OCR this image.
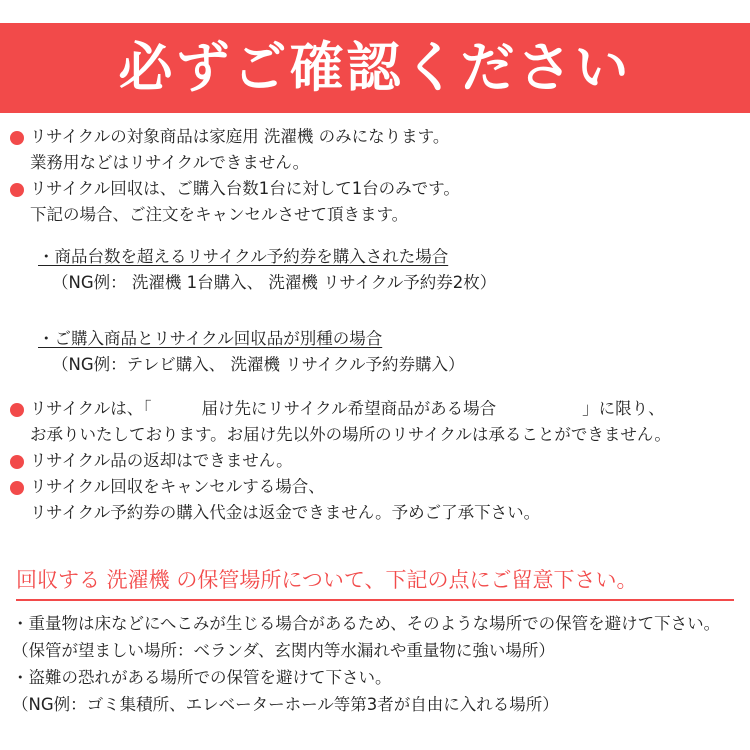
必ずご確認ください
リサイクルの対象商品は家庭用 洗濯機 のみになります。
業務用などはリサイクルできません。
リサイクル回収は、ご購入台数1台に対して1台のみです。
下記の場合、ご注文をキャンセルさせて頂きます。
・商品台数を超えるリサイクル予約券を購入された場合
（NG例： 洗濯機 1台購入、 洗濯機 リサイクル予約券2枚）
・ご購入商品とリサイクル回収品が別種の場合
（NG例：テレビ購入、 洗濯機 リサイクル予約券購入）
リサイクルは、「	届け先にリサイクル希望商品がある場合	」に限り、
お承りいたしております。お届け先以外の場所のリサイクルは承ることができません。
リサイクル品の返却はできません。
リサイクル回収をキャンセルする場合、
リサイクル予約券の購入代金は返金できません。予めご了承下さい。
回収する 洗濯機 の保管場所について、下記の点にご留意下さい。
・重量物は床などにへこみが生じる場合があるため、そのような場所での保管を避けて下さい。
（保管が望ましい場所：ベランダ、玄関内等水漏れや重量物に強い場所）
・盗難の恐れがある場所での保管を避けて下さい。
（NG例：ゴミ集積所、エレベーターホール等第3者が自由に入れる場所）
